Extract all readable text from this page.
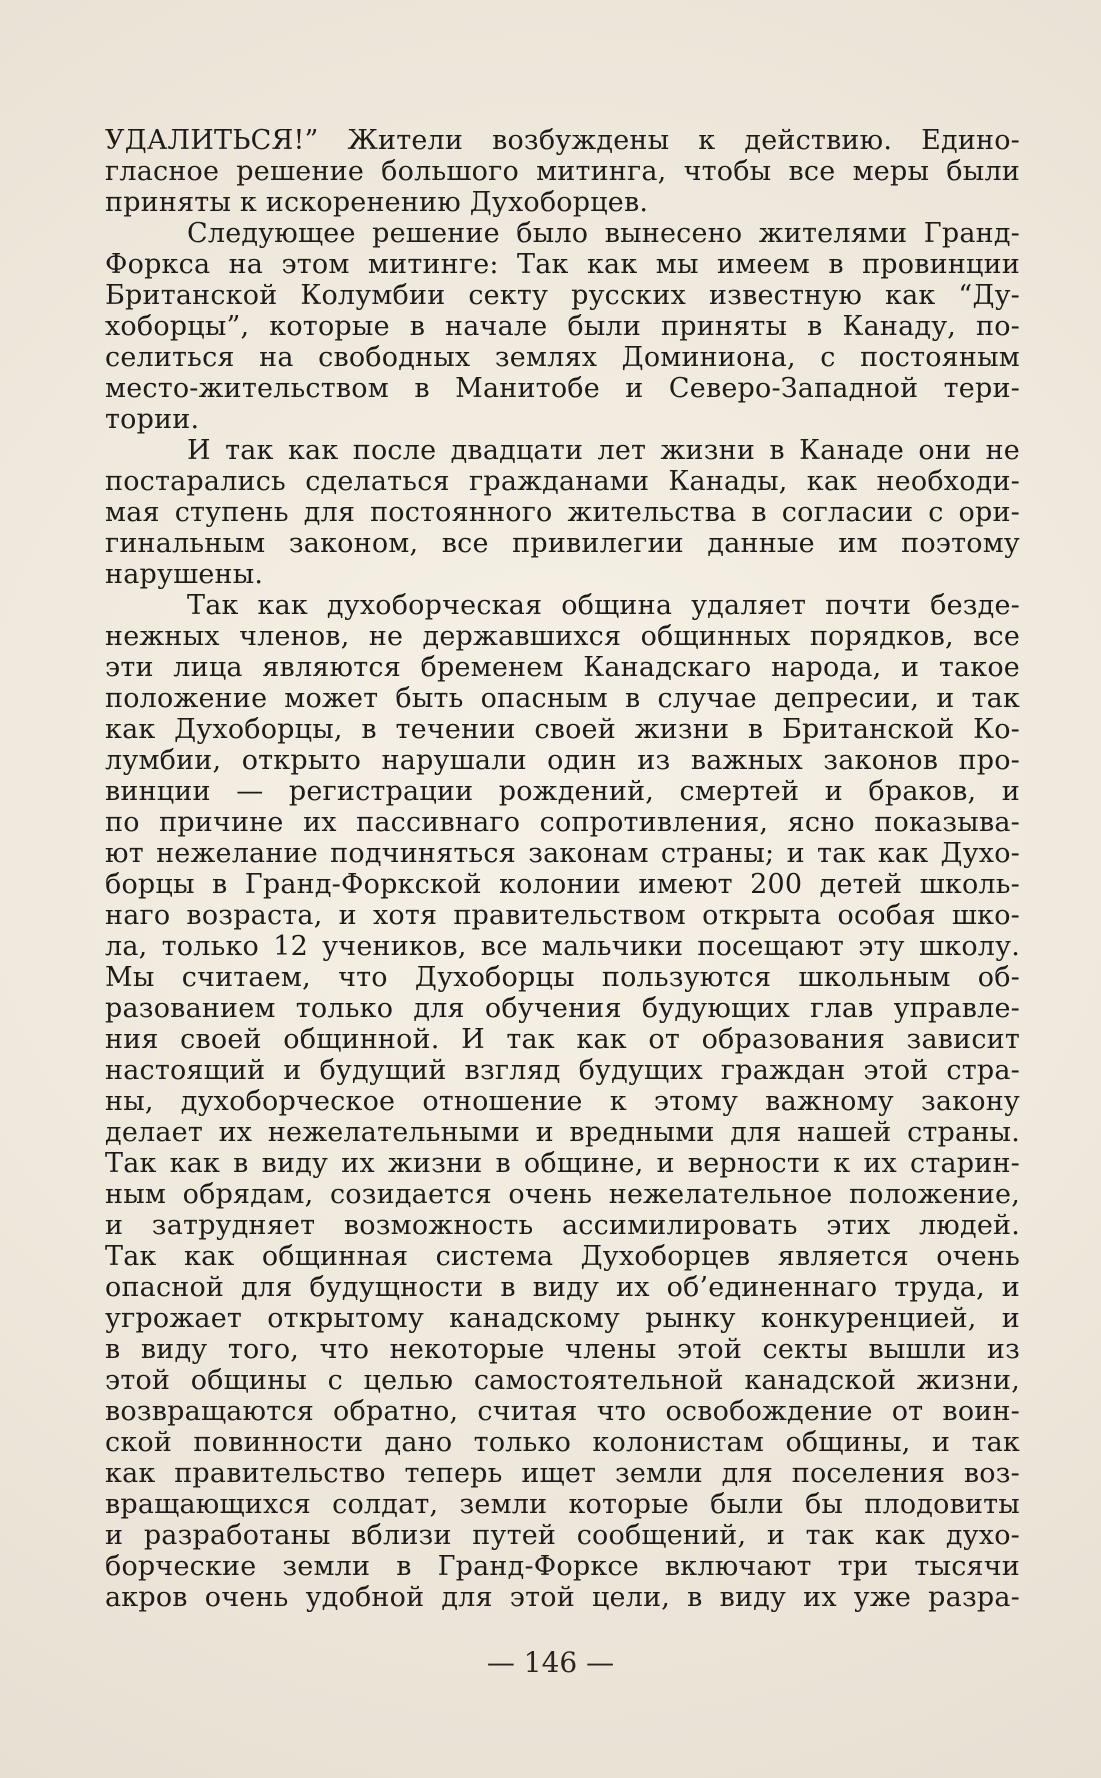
УДАЛИТЬСЯ!” Жители возбуждены к действию. Едино-
гласное решение большого митинга, чтобы все меры были
приняты к искоренению Духоборцев.
Следующее решение было вынесено жителями Гранд-
Форкса на этом митинге: Так как мы имеем в провинции
Британской Колумбии секту русских известную как “Ду-
хоборцы”, которые в начале были приняты в Канаду, по-
селиться на свободных землях Доминиона, с постояным
место-жительством в Манитобе и Северо-Западной тери-
тории.
И так как после двадцати лет жизни в Канаде они не
постарались сделаться гражданами Канады, как необходи-
мая ступень для постоянного жительства в согласии с ори-
гинальным законом, все привилегии данные им поэтому
нарушены.
Так как духоборческая община удаляет почти безде-
нежных членов, не державшихся общинных порядков, все
эти лица являются бременем Канадскаго народа, и такое
положение может быть опасным в случае депресии, и так
как Духоборцы, в течении своей жизни в Британской Ко-
лумбии, открыто нарушали один из важных законов про-
винции — регистрации рождений, смертей и браков, и
по причине их пассивнаго сопротивления, ясно показыва-
ют нежелание подчиняться законам страны; и так как Духо-
борцы в Гранд-Форкской колонии имеют 200 детей школь-
наго возраста, и хотя правительством открыта особая шко-
ла, только 12 учеников, все мальчики посещают эту школу.
Мы считаем, что Духоборцы пользуются школьным об-
разованием только для обучения будующих глав управле-
ния своей общинной. И так как от образования зависит
настоящий и будущий взгляд будущих граждан этой стра-
ны, духоборческое отношение к этому важному закону
делает их нежелательными и вредными для нашей страны.
Так как в виду их жизни в общине, и верности к их старин-
ным обрядам, созидается очень нежелательное положение,
и затрудняет возможность ассимилировать этих людей.
Так как общинная система Духоборцев является очень
опасной для будущности в виду их об’единеннаго труда, и
угрожает открытому канадскому рынку конкуренцией, и
в виду того, что некоторые члены этой секты вышли из
этой общины с целью самостоятельной канадской жизни,
возвращаются обратно, считая что освобождение от воин-
ской повинности дано только колонистам общины, и так
как правительство теперь ищет земли для поселения воз-
вращающихся солдат, земли которые были бы плодовиты
и разработаны вблизи путей сообщений, и так как духо-
борческие земли в Гранд-Форксе включают три тысячи
акров очень удобной для этой цели, в виду их уже разра-
— 146 —
